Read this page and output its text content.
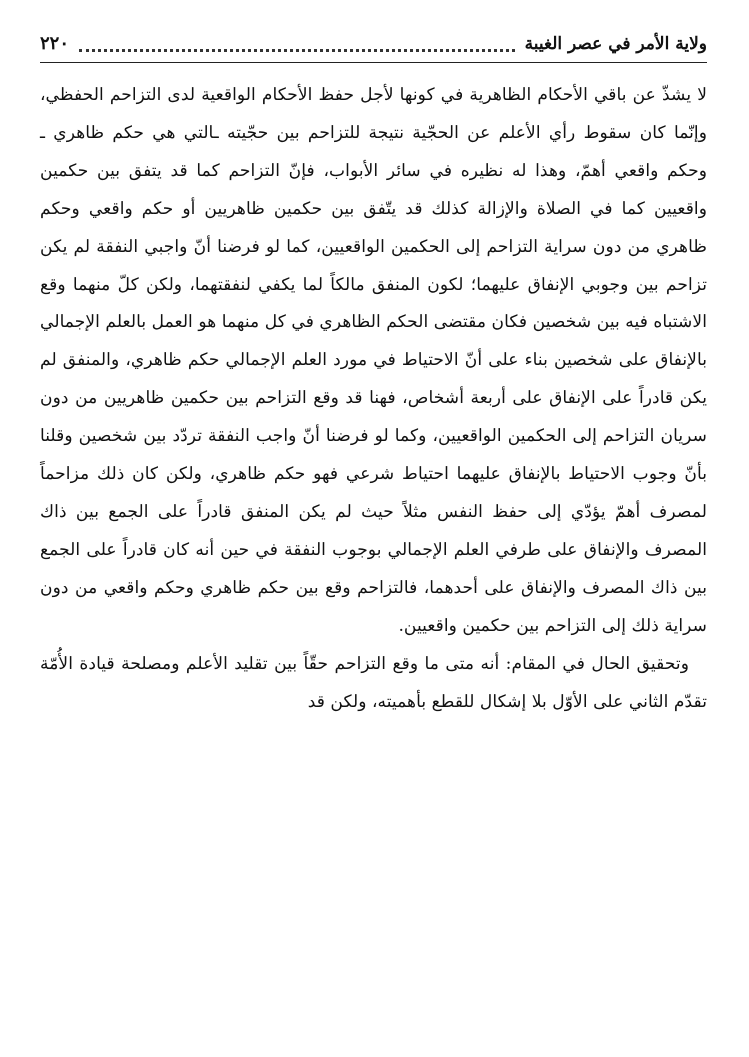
ولاية الأمر في عصر الغيبة
٢٢٠

لا يشذّ عن باقي الأحكام الظاهرية في كونها لأجل حفظ الأحكام الواقعية لدى التزاحم الحفظي، وإنّما كان سقوط رأي الأعلم عن الحجّية نتيجة للتزاحم بين حجّيته ـالتي هي حكم ظاهري ـ وحكم واقعي أهمّ، وهذا له نظيره في سائر الأبواب، فإنّ التزاحم كما قد يتفق بين حكمين واقعيين كما في الصلاة والإزالة كذلك قد يتّفق بين حكمين ظاهريين أو حكم واقعي وحكم ظاهري من دون سراية التزاحم إلى الحكمين الواقعيين، كما لو فرضنا أنّ واجبي النفقة لم يكن تزاحم بين وجوبي الإنفاق عليهما؛ لكون المنفق مالكاً لما يكفي لنفقتهما، ولكن كلّ منهما وقع الاشتباه فيه بين شخصين فكان مقتضى الحكم الظاهري في كل منهما هو العمل بالعلم الإجمالي بالإنفاق على شخصين بناء على أنّ الاحتياط في مورد العلم الإجمالي حكم ظاهري، والمنفق لم يكن قادراً على الإنفاق على أربعة أشخاص، فهنا قد وقع التزاحم بين حكمين ظاهريين من دون سريان التزاحم إلى الحكمين الواقعيين، وكما لو فرضنا أنّ واجب النفقة تردّد بين شخصين وقلنا بأنّ وجوب الاحتياط بالإنفاق عليهما احتياط شرعي فهو حكم ظاهري، ولكن كان ذلك مزاحماً لمصرف أهمّ يؤدّي إلى حفظ النفس مثلاً حيث لم يكن المنفق قادراً على الجمع بين ذاك المصرف والإنفاق على طرفي العلم الإجمالي بوجوب النفقة في حين أنه كان قادراً على الجمع بين ذاك المصرف والإنفاق على أحدهما، فالتزاحم وقع بين حكم ظاهري وحكم واقعي من دون سراية ذلك إلى التزاحم بين حكمين واقعيين.

وتحقيق الحال في المقام: أنه متى ما وقع التزاحم حقّاً بين تقليد الأعلم ومصلحة قيادة الأُمّة تقدّم الثاني على الأوّل بلا إشكال للقطع بأهميته، ولكن قد
